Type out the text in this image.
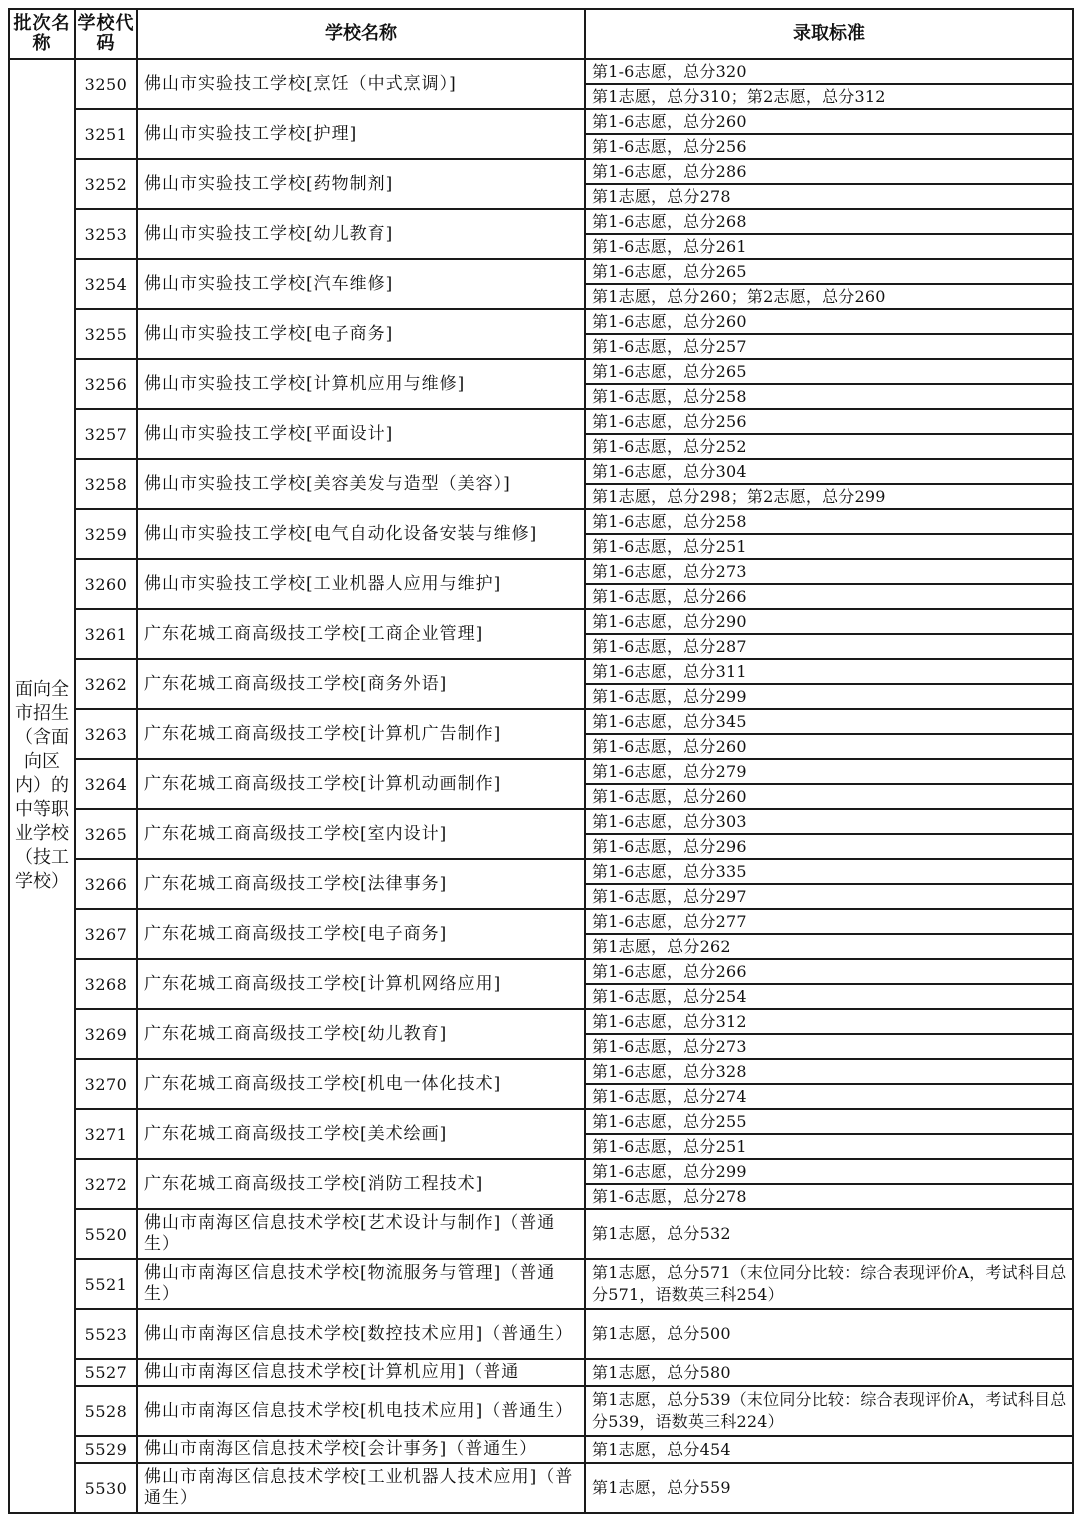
批次名称	学校代码	学校名称	录取标准
面向全市招生（含面向区内）的中等职业学校（技工学校）	3250	佛山市实验技工学校[烹饪（中式烹调）]	第1-6志愿，总分320
			第1志愿，总分310；第2志愿，总分312
	3251	佛山市实验技工学校[护理]	第1-6志愿，总分260
			第1-6志愿，总分256
	3252	佛山市实验技工学校[药物制剂]	第1-6志愿，总分286
			第1志愿，总分278
	3253	佛山市实验技工学校[幼儿教育]	第1-6志愿，总分268
			第1-6志愿，总分261
	3254	佛山市实验技工学校[汽车维修]	第1-6志愿，总分265
			第1志愿，总分260；第2志愿，总分260
	3255	佛山市实验技工学校[电子商务]	第1-6志愿，总分260
			第1-6志愿，总分257
	3256	佛山市实验技工学校[计算机应用与维修]	第1-6志愿，总分265
			第1-6志愿，总分258
	3257	佛山市实验技工学校[平面设计]	第1-6志愿，总分256
			第1-6志愿，总分252
	3258	佛山市实验技工学校[美容美发与造型（美容）]	第1-6志愿，总分304
			第1志愿，总分298；第2志愿，总分299
	3259	佛山市实验技工学校[电气自动化设备安装与维修]	第1-6志愿，总分258
			第1-6志愿，总分251
	3260	佛山市实验技工学校[工业机器人应用与维护]	第1-6志愿，总分273
			第1-6志愿，总分266
	3261	广东花城工商高级技工学校[工商企业管理]	第1-6志愿，总分290
			第1-6志愿，总分287
	3262	广东花城工商高级技工学校[商务外语]	第1-6志愿，总分311
			第1-6志愿，总分299
	3263	广东花城工商高级技工学校[计算机广告制作]	第1-6志愿，总分345
			第1-6志愿，总分260
	3264	广东花城工商高级技工学校[计算机动画制作]	第1-6志愿，总分279
			第1-6志愿，总分260
	3265	广东花城工商高级技工学校[室内设计]	第1-6志愿，总分303
			第1-6志愿，总分296
	3266	广东花城工商高级技工学校[法律事务]	第1-6志愿，总分335
			第1-6志愿，总分297
	3267	广东花城工商高级技工学校[电子商务]	第1-6志愿，总分277
			第1志愿，总分262
	3268	广东花城工商高级技工学校[计算机网络应用]	第1-6志愿，总分266
			第1-6志愿，总分254
	3269	广东花城工商高级技工学校[幼儿教育]	第1-6志愿，总分312
			第1-6志愿，总分273
	3270	广东花城工商高级技工学校[机电一体化技术]	第1-6志愿，总分328
			第1-6志愿，总分274
	3271	广东花城工商高级技工学校[美术绘画]	第1-6志愿，总分255
			第1-6志愿，总分251
	3272	广东花城工商高级技工学校[消防工程技术]	第1-6志愿，总分299
			第1-6志愿，总分278
	5520	佛山市南海区信息技术学校[艺术设计与制作]（普通生）	第1志愿，总分532
	5521	佛山市南海区信息技术学校[物流服务与管理]（普通生）	第1志愿，总分571（末位同分比较：综合表现评价A，考试科目总分571，语数英三科254）
	5523	佛山市南海区信息技术学校[数控技术应用]（普通生）	第1志愿，总分500
	5527	佛山市南海区信息技术学校[计算机应用]（普通	第1志愿，总分580
	5528	佛山市南海区信息技术学校[机电技术应用]（普通生）	第1志愿，总分539（末位同分比较：综合表现评价A，考试科目总分539，语数英三科224）
	5529	佛山市南海区信息技术学校[会计事务]（普通生）	第1志愿，总分454
	5530	佛山市南海区信息技术学校[工业机器人技术应用]（普通生）	第1志愿，总分559
